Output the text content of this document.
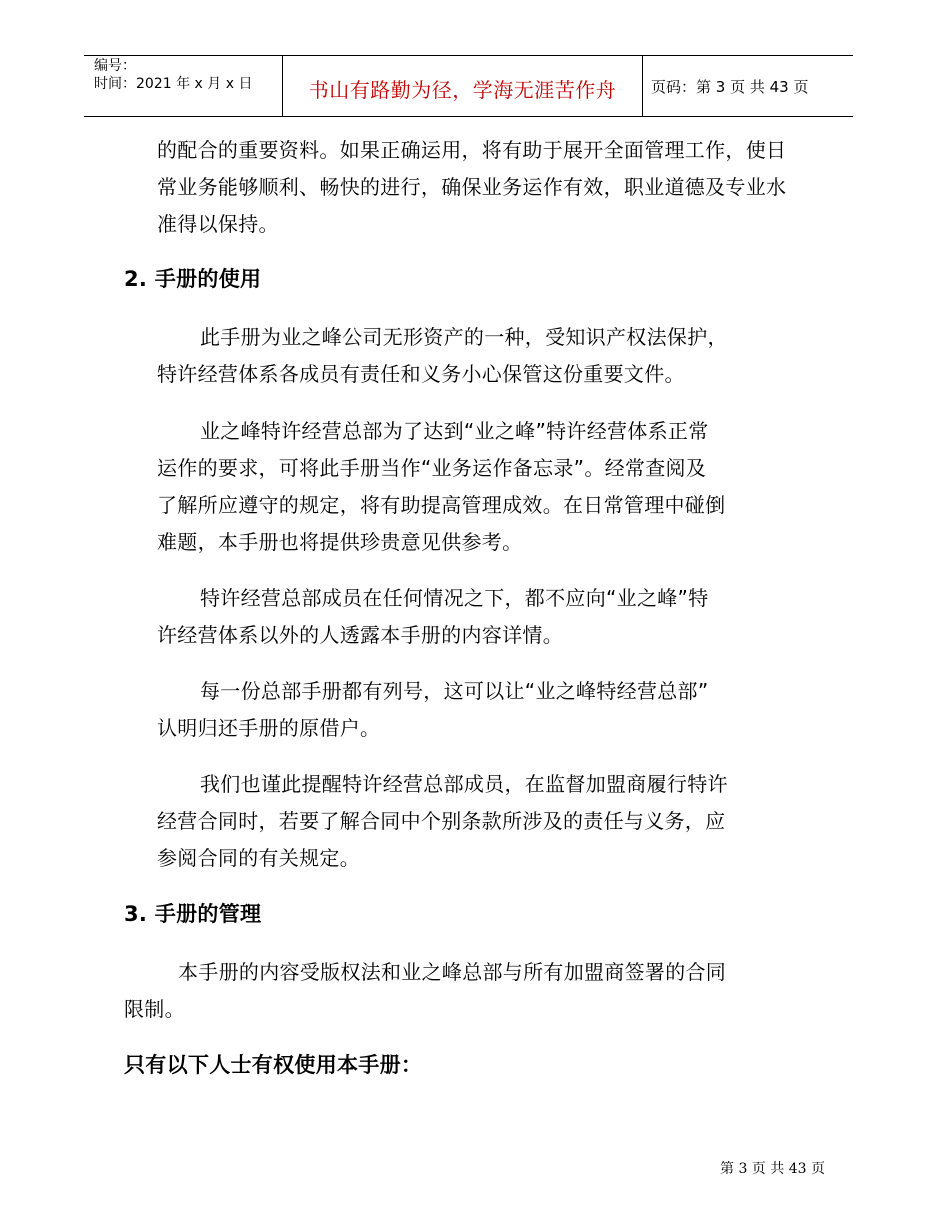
编号：
时间：2021 年 x 月 x 日	书山有路勤为径，学海无涯苦作舟	页码：第 3 页 共 43 页
的配合的重要资料。如果正确运用，将有助于展开全面管理工作，使日
常业务能够顺利、畅快的进行，确保业务运作有效，职业道德及专业水
准得以保持。
2. 手册的使用
此手册为业之峰公司无形资产的一种，受知识产权法保护，
特许经营体系各成员有责任和义务小心保管这份重要文件。
业之峰特许经营总部为了达到“业之峰”特许经营体系正常
运作的要求，可将此手册当作“业务运作备忘录”。经常查阅及
了解所应遵守的规定，将有助提高管理成效。在日常管理中碰倒
难题，本手册也将提供珍贵意见供参考。
特许经营总部成员在任何情况之下，都不应向“业之峰”特
许经营体系以外的人透露本手册的内容详情。
每一份总部手册都有列号，这可以让“业之峰特经营总部”
认明归还手册的原借户。
我们也谨此提醒特许经营总部成员，在监督加盟商履行特许
经营合同时，若要了解合同中个别条款所涉及的责任与义务，应
参阅合同的有关规定。
3. 手册的管理
本手册的内容受版权法和业之峰总部与所有加盟商签署的合同
限制。
只有以下人士有权使用本手册：
第 3 页 共 43 页
